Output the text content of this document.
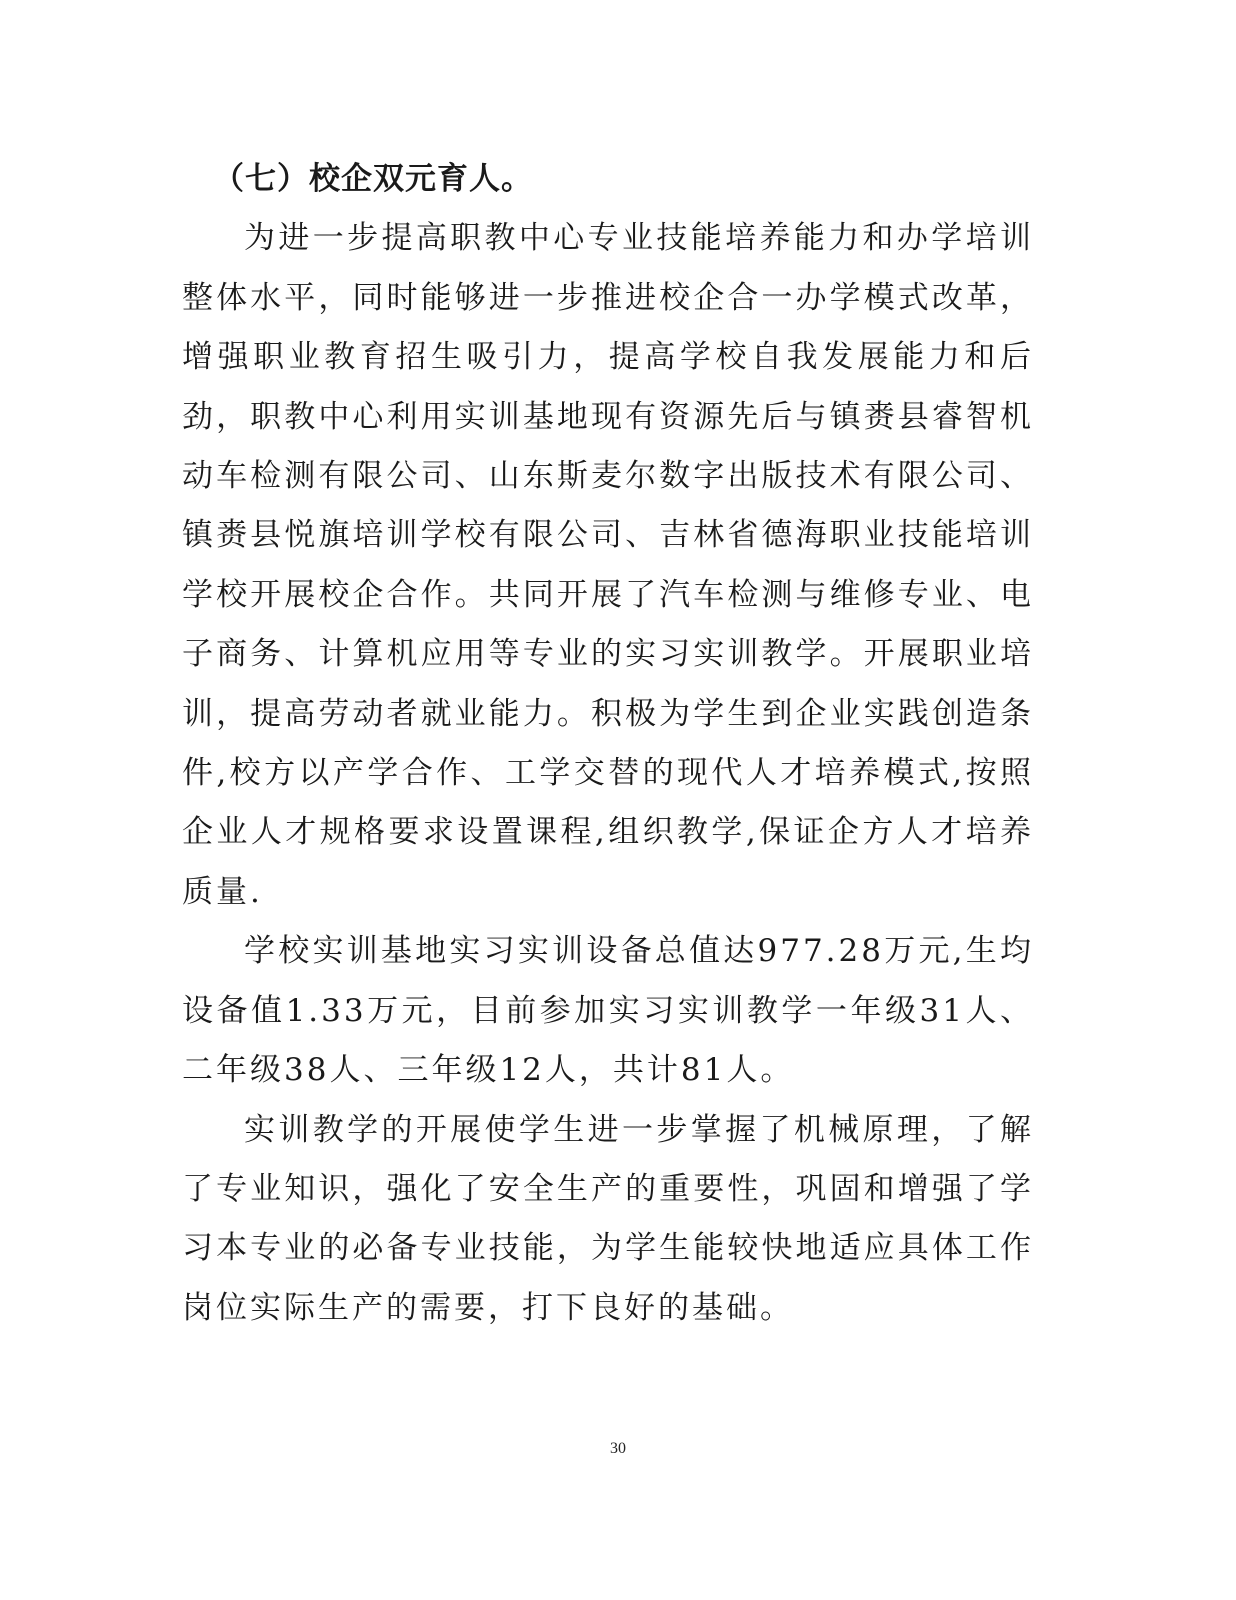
（七）校企双元育人。

为进一步提高职教中心专业技能培养能力和办学培训整体水平，同时能够进一步推进校企合一办学模式改革，增强职业教育招生吸引力，提高学校自我发展能力和后劲，职教中心利用实训基地现有资源先后与镇赉县睿智机动车检测有限公司、山东斯麦尔数字出版技术有限公司、镇赉县悦旗培训学校有限公司、吉林省德海职业技能培训学校开展校企合作。共同开展了汽车检测与维修专业、电子商务、计算机应用等专业的实习实训教学。开展职业培训，提高劳动者就业能力。积极为学生到企业实践创造条件,校方以产学合作、工学交替的现代人才培养模式,按照企业人才规格要求设置课程,组织教学,保证企方人才培养质量.

学校实训基地实习实训设备总值达977.28万元,生均设备值1.33万元，目前参加实习实训教学一年级31人、二年级38人、三年级12人，共计81人。

实训教学的开展使学生进一步掌握了机械原理，了解了专业知识，强化了安全生产的重要性，巩固和增强了学习本专业的必备专业技能，为学生能较快地适应具体工作岗位实际生产的需要，打下良好的基础。

30
